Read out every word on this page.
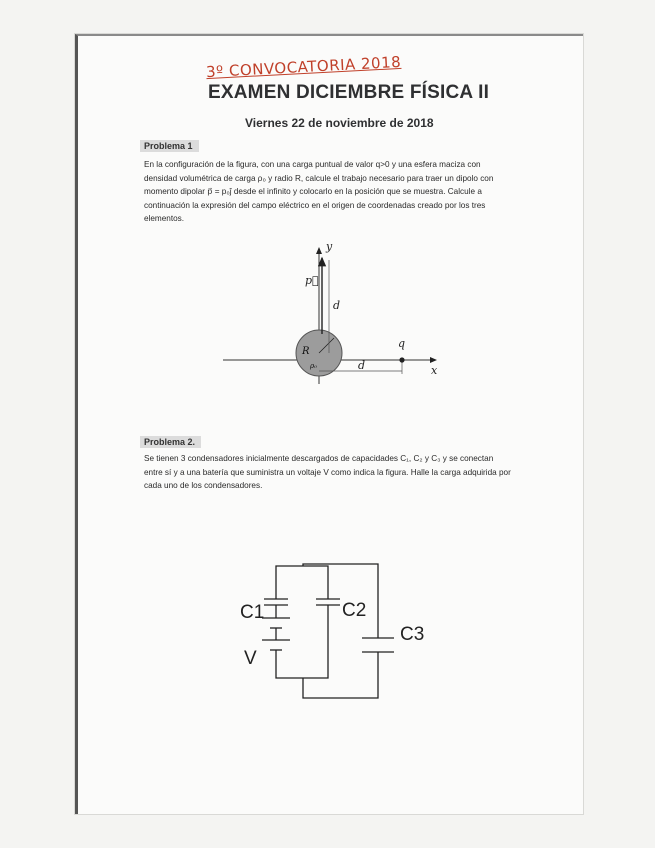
3º CONVOCATORIA 2018
EXAMEN DICIEMBRE FÍSICA II
Viernes 22 de noviembre de 2018
Problema 1
En la configuración de la figura, con una carga puntual de valor q>0 y una esfera maciza con densidad volumétrica de carga ρ₀ y radio R, calcule el trabajo necesario para traer un dipolo con momento dipolar p⃗ = p₀ĵ desde el infinito y colocarlo en la posición que se muestra. Calcule a continuación la expresión del campo eléctrico en el origen de coordenadas creado por los tres elementos.
y
x
p⃗
d
d
R
ρ₀
q
Problema 2.
Se tienen 3 condensadores inicialmente descargados de capacidades C₁, C₂ y C₃ y se conectan entre sí y a una batería que suministra un voltaje V como indica la figura. Halle la carga adquirida por cada uno de los condensadores.
C1	C2
C3
V
